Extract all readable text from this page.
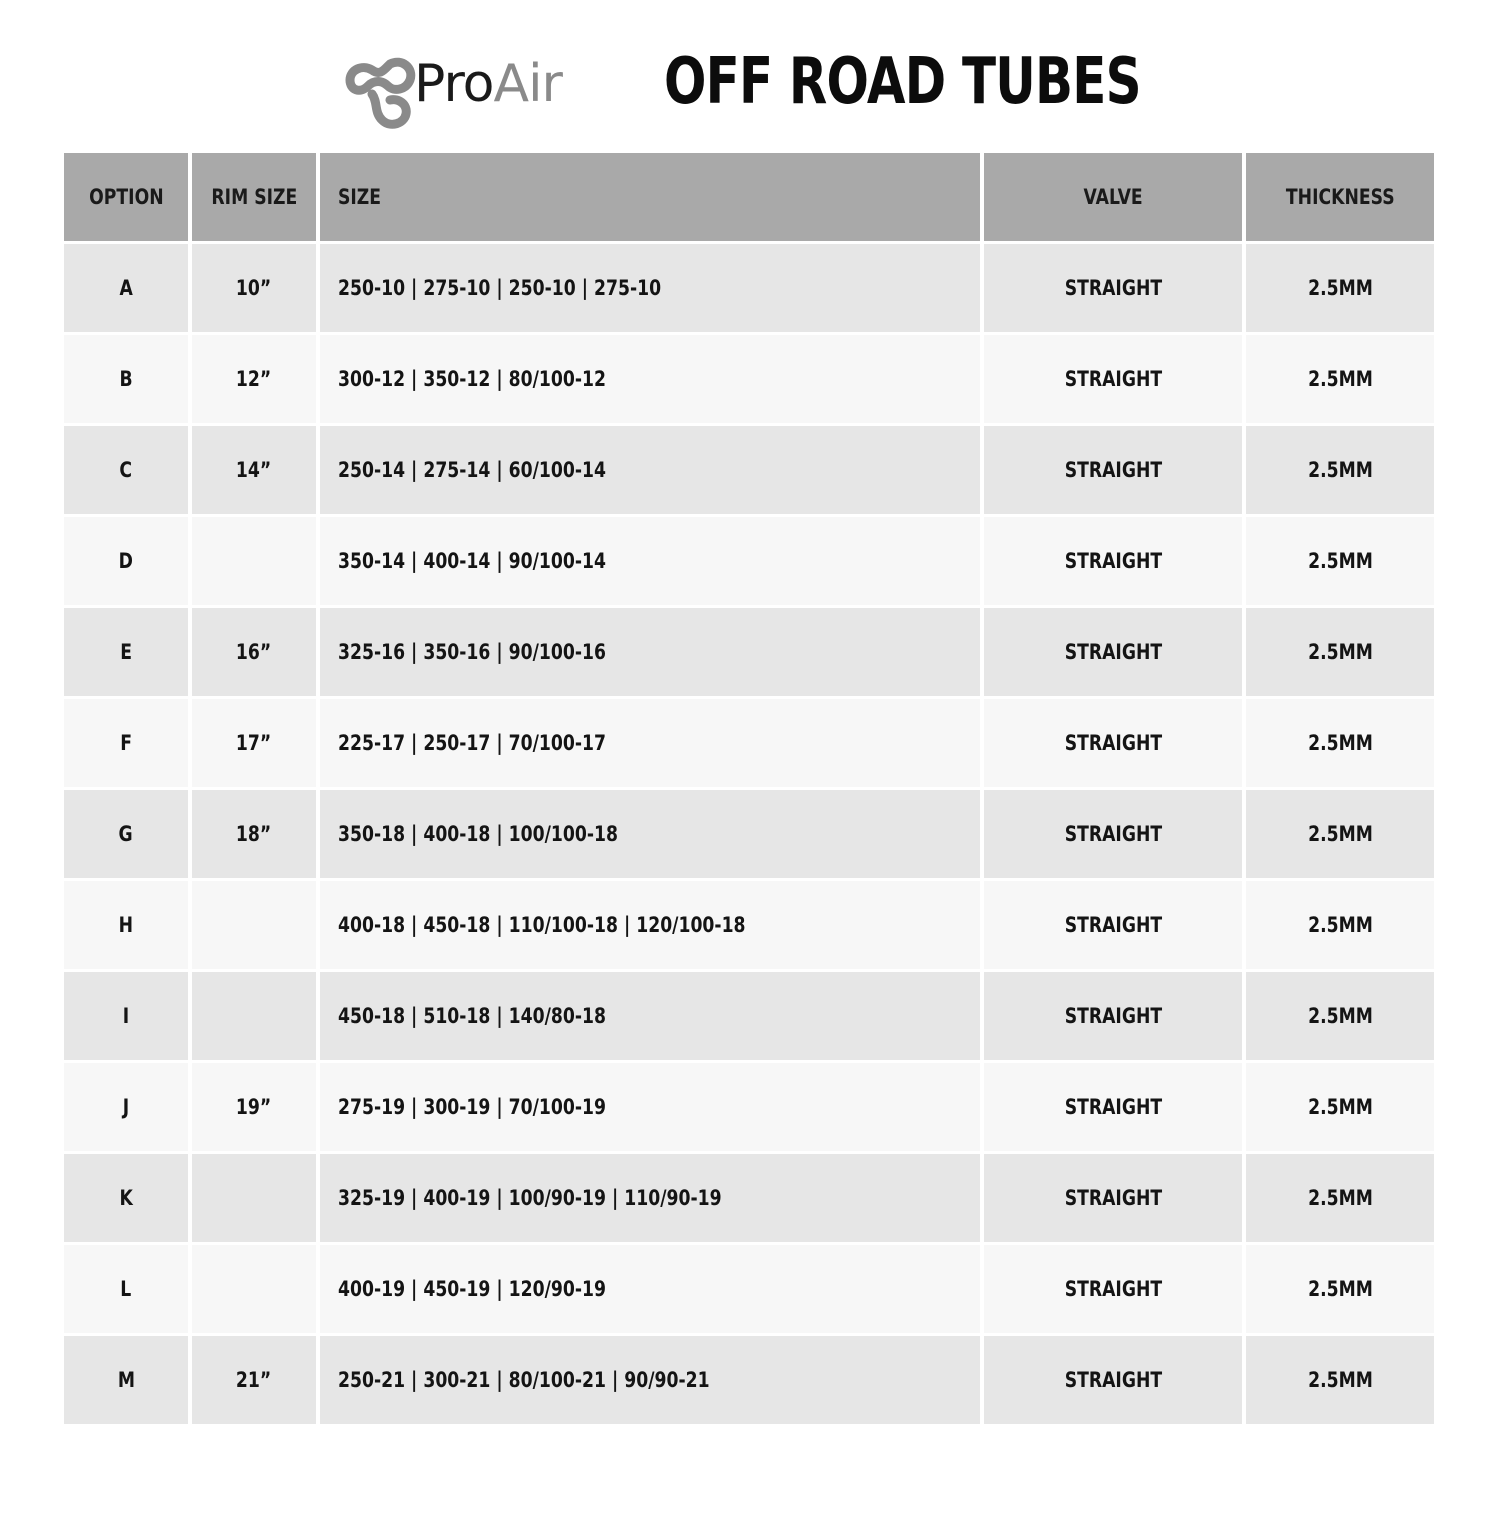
ProAir OFF ROAD TUBES
OPTION	RIM SIZE	SIZE	VALVE	THICKNESS
A	10”	250-10 | 275-10 | 250-10 | 275-10	STRAIGHT	2.5MM
B	12”	300-12 | 350-12 | 80/100-12	STRAIGHT	2.5MM
C	14”	250-14 | 275-14 | 60/100-14	STRAIGHT	2.5MM
D		350-14 | 400-14 | 90/100-14	STRAIGHT	2.5MM
E	16”	325-16 | 350-16 | 90/100-16	STRAIGHT	2.5MM
F	17”	225-17 | 250-17 | 70/100-17	STRAIGHT	2.5MM
G	18”	350-18 | 400-18 | 100/100-18	STRAIGHT	2.5MM
H		400-18 | 450-18 | 110/100-18 | 120/100-18	STRAIGHT	2.5MM
I		450-18 | 510-18 | 140/80-18	STRAIGHT	2.5MM
J	19”	275-19 | 300-19 | 70/100-19	STRAIGHT	2.5MM
K		325-19 | 400-19 | 100/90-19 | 110/90-19	STRAIGHT	2.5MM
L		400-19 | 450-19 | 120/90-19	STRAIGHT	2.5MM
M	21”	250-21 | 300-21 | 80/100-21 | 90/90-21	STRAIGHT	2.5MM
